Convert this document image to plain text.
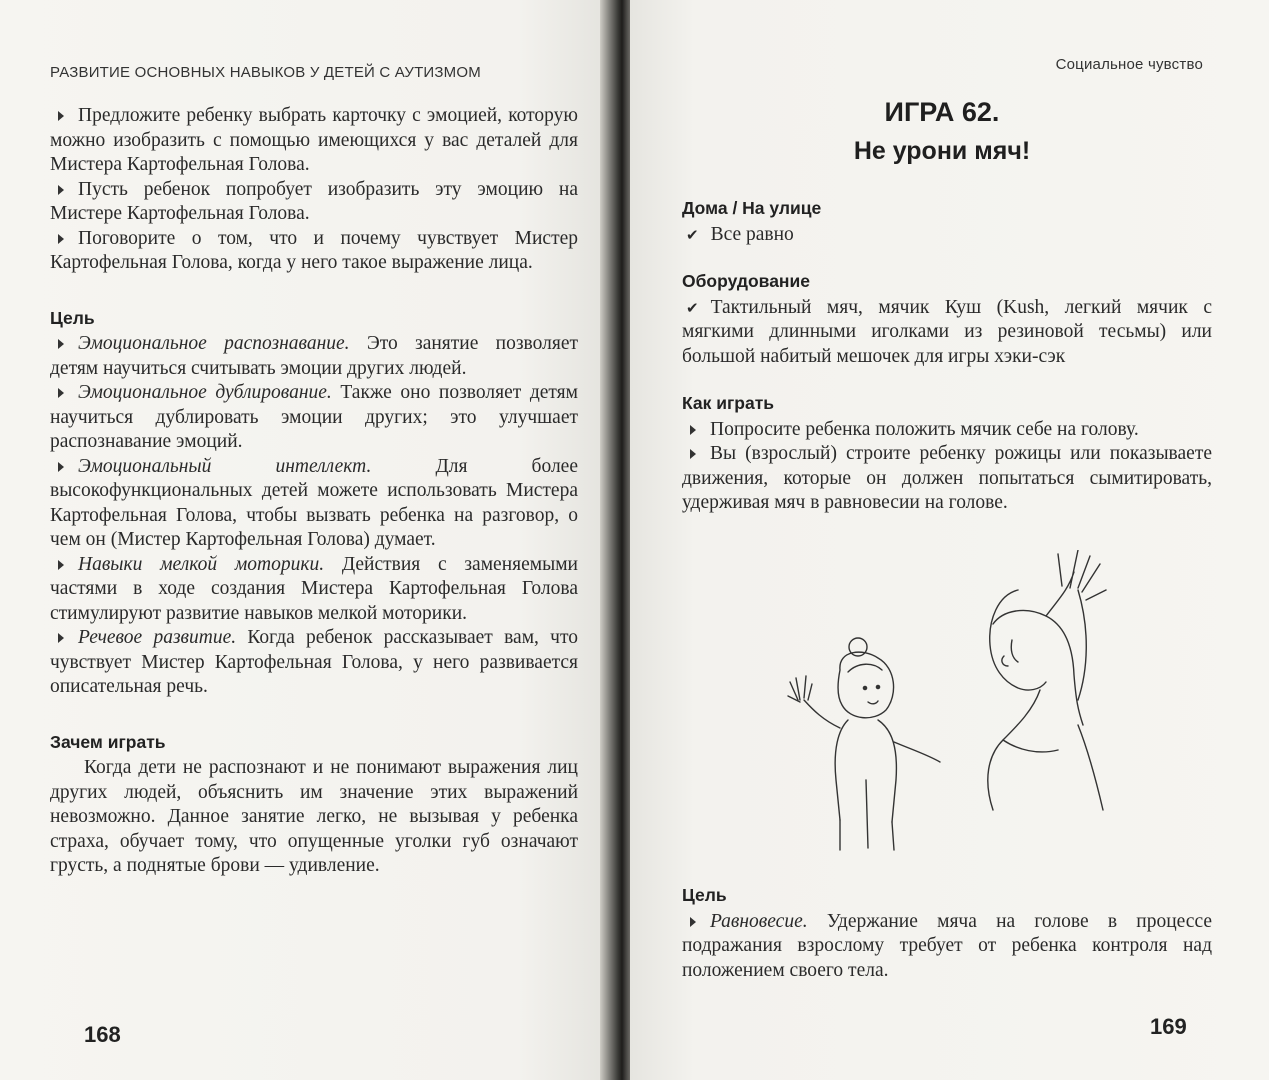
РАЗВИТИЕ ОСНОВНЫХ НАВЫКОВ У ДЕТЕЙ С АУТИЗМОМ

Предложите ребенку выбрать карточку с эмоцией, которую можно изобразить с помощью имеющихся у вас деталей для Мистера Картофельная Голова.

Пусть ребенок попробует изобразить эту эмоцию на Мистере Картофельная Голова.

Поговорите о том, что и почему чувствует Мистер Картофельная Голова, когда у него такое выражение лица.

Цель

Эмоциональное распознавание. Это занятие позволяет детям научиться считывать эмоции других людей.

Эмоциональное дублирование. Также оно позволяет детям научиться дублировать эмоции других; это улучшает распознавание эмоций.

Эмоциональный интеллект. Для более высокофункциональных детей можете использовать Мистера Картофельная Голова, чтобы вызвать ребенка на разговор, о чем он (Мистер Картофельная Голова) думает.

Навыки мелкой моторики. Действия с заменяемыми частями в ходе создания Мистера Картофельная Голова стимулируют развитие навыков мелкой моторики.

Речевое развитие. Когда ребенок рассказывает вам, что чувствует Мистер Картофельная Голова, у него развивается описательная речь.

Зачем играть

Когда дети не распознают и не понимают выражения лиц других людей, объяснить им значение этих выражений невозможно. Данное занятие легко, не вызывая у ребенка страха, обучает тому, что опущенные уголки губ означают грусть, а поднятые брови — удивление.

168
Социальное чувство
ИГРА 62.
Не урони мяч!
Дома / На улице

✔ Все равно

Оборудование

✔ Тактильный мяч, мячик Куш (Kush, легкий мячик с мягкими длинными иголками из резиновой тесьмы) или большой набитый мешочек для игры хэки-сэк

Как играть

Попросите ребенка положить мячик себе на голову.

Вы (взрослый) строите ребенку рожицы или показываете движения, которые он должен попытаться сымитировать, удерживая мяч в равновесии на голове.

Цель

Равновесие. Удержание мяча на голове в процессе подражания взрослому требует от ребенка контроля над положением своего тела.

169
